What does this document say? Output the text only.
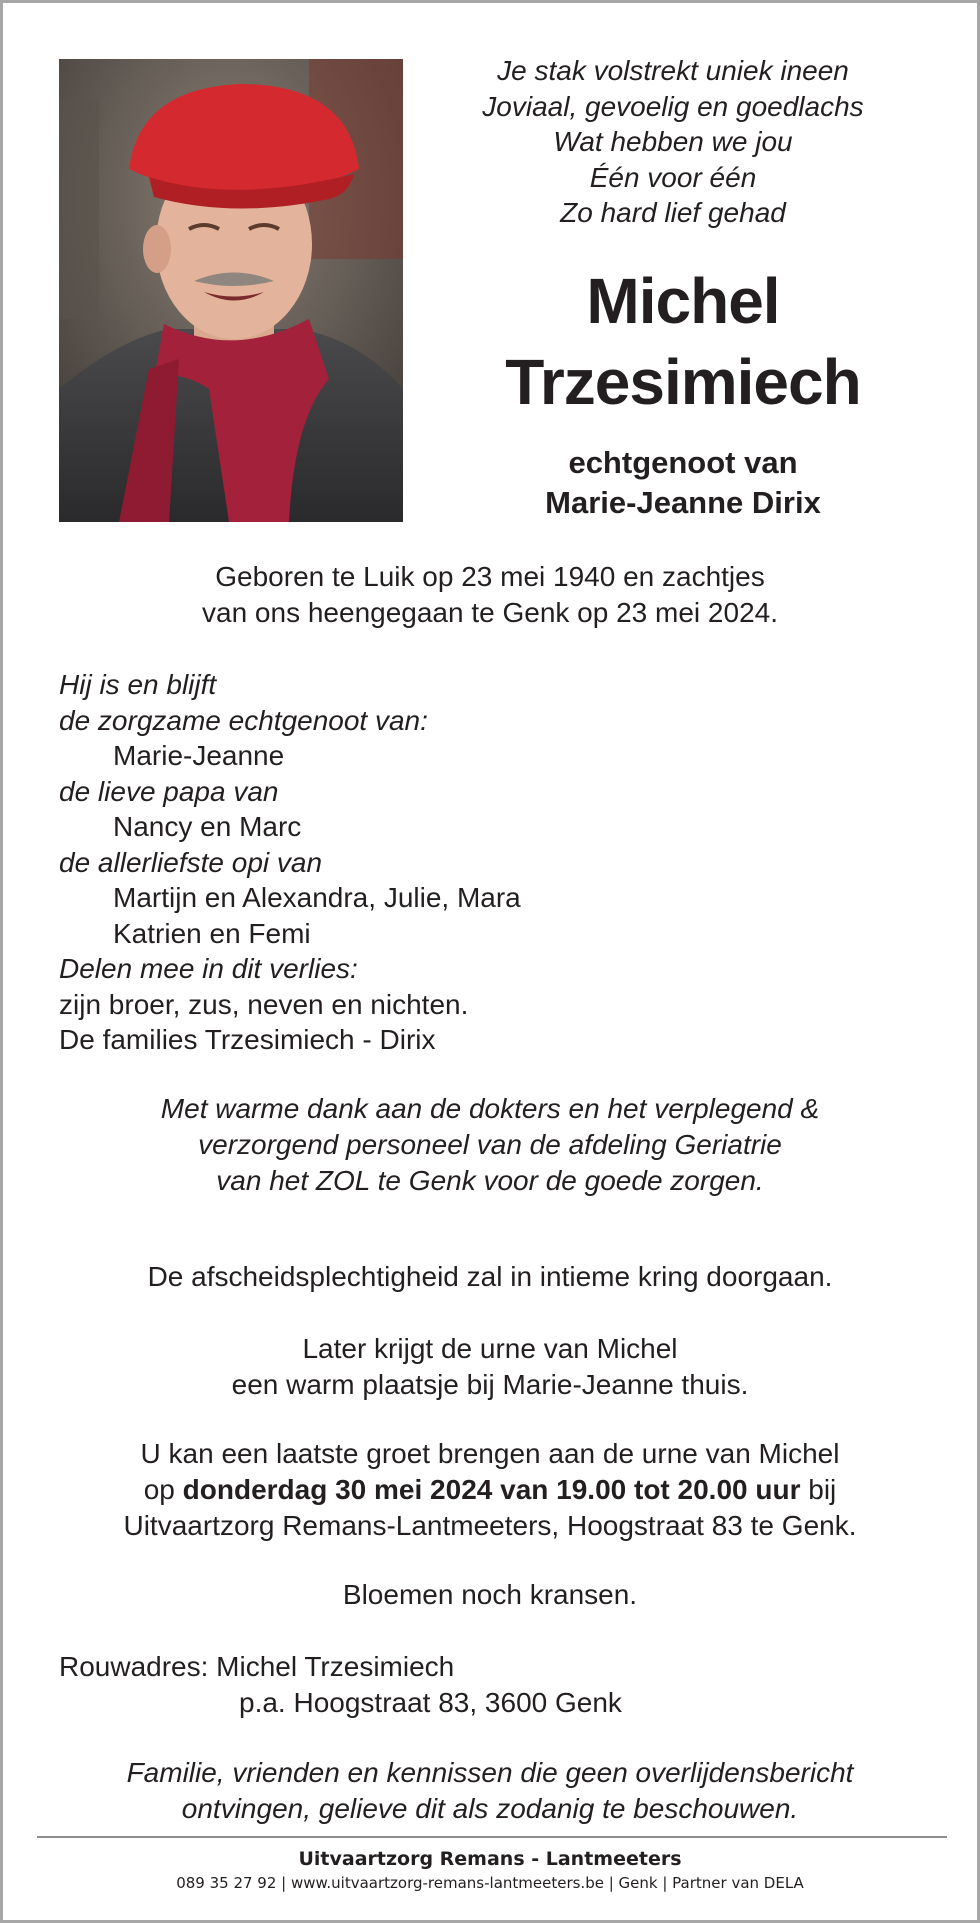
Je stak volstrekt uniek ineen
Joviaal, gevoelig en goedlachs
Wat hebben we jou
Één voor één
Zo hard lief gehad
Michel
Trzesimiech
echtgenoot van
Marie-Jeanne Dirix
Geboren te Luik op 23 mei 1940 en zachtjes
van ons heengegaan te Genk op 23 mei 2024.
Hij is en blijft
de zorgzame echtgenoot van:
Marie-Jeanne
de lieve papa van
Nancy en Marc
de allerliefste opi van
Martijn en Alexandra, Julie, Mara
Katrien en Femi
Delen mee in dit verlies:
zijn broer, zus, neven en nichten.
De families Trzesimiech - Dirix
Met warme dank aan de dokters en het verplegend &
verzorgend personeel van de afdeling Geriatrie
van het ZOL te Genk voor de goede zorgen.
De afscheidsplechtigheid zal in intieme kring doorgaan.
Later krijgt de urne van Michel
een warm plaatsje bij Marie-Jeanne thuis.
U kan een laatste groet brengen aan de urne van Michel
op donderdag 30 mei 2024 van 19.00 tot 20.00 uur bij
Uitvaartzorg Remans-Lantmeeters, Hoogstraat 83 te Genk.
Bloemen noch kransen.
Rouwadres: Michel Trzesimiech
p.a. Hoogstraat 83, 3600 Genk
Familie, vrienden en kennissen die geen overlijdensbericht
ontvingen, gelieve dit als zodanig te beschouwen.
Uitvaartzorg Remans - Lantmeeters
089 35 27 92 | www.uitvaartzorg-remans-lantmeeters.be | Genk | Partner van DELA
